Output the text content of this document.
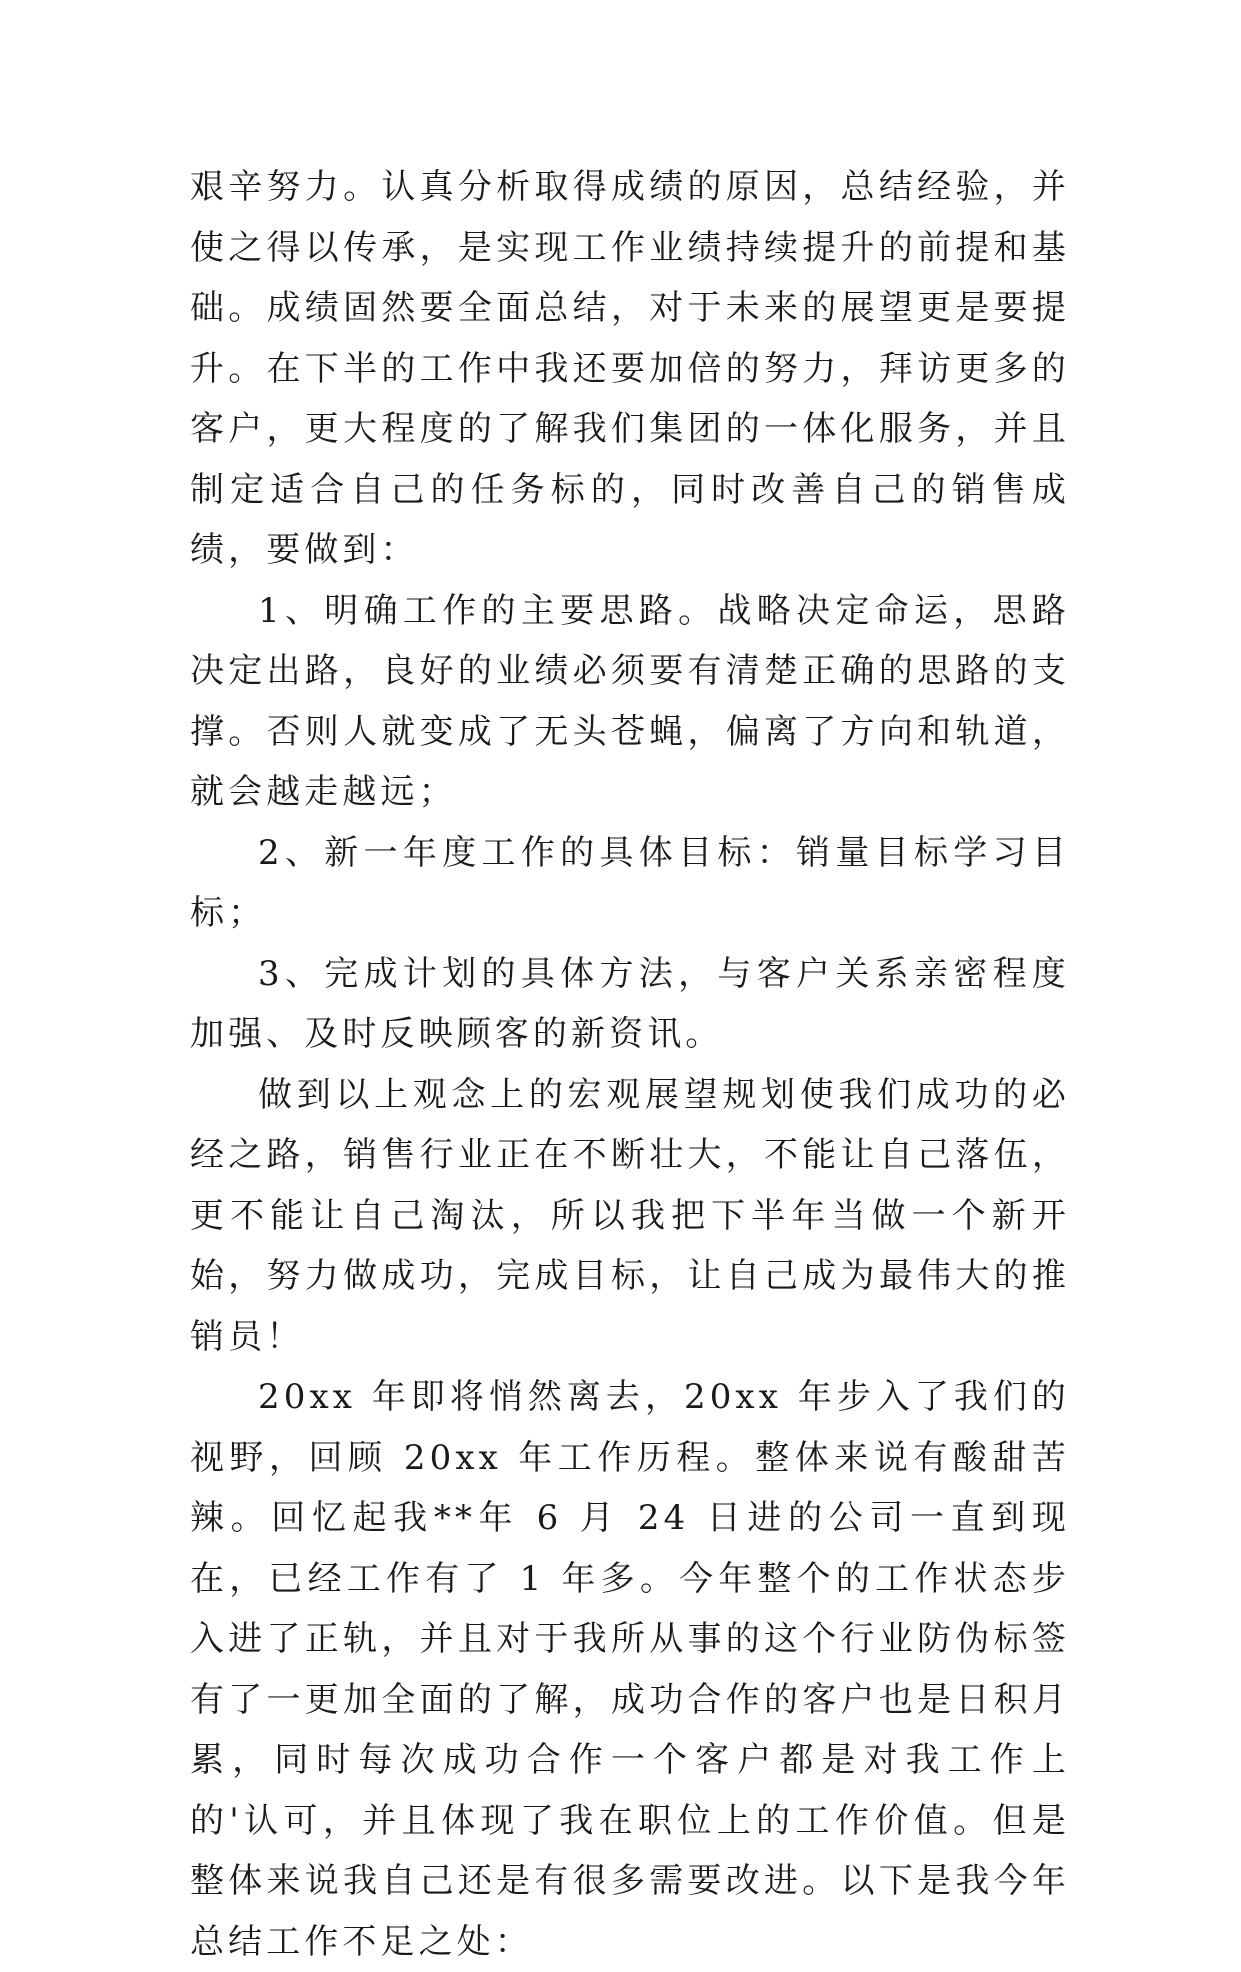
艰辛努力。认真分析取得成绩的原因，总结经验，并使之得以传承，是实现工作业绩持续提升的前提和基础。成绩固然要全面总结，对于未来的展望更是要提升。在下半的工作中我还要加倍的努力，拜访更多的客户，更大程度的了解我们集团的一体化服务，并且制定适合自己的任务标的，同时改善自己的销售成绩，要做到：

1、明确工作的主要思路。战略决定命运，思路决定出路，良好的业绩必须要有清楚正确的思路的支撑。否则人就变成了无头苍蝇，偏离了方向和轨道，就会越走越远；

2、新一年度工作的具体目标：销量目标学习目标；

3、完成计划的具体方法，与客户关系亲密程度加强、及时反映顾客的新资讯。

做到以上观念上的宏观展望规划使我们成功的必经之路，销售行业正在不断壮大，不能让自己落伍，更不能让自己淘汰，所以我把下半年当做一个新开始，努力做成功，完成目标，让自己成为最伟大的推销员！

20xx 年即将悄然离去，20xx 年步入了我们的视野，回顾 20xx 年工作历程。整体来说有酸甜苦辣。回忆起我**年 6 月 24 日进的公司一直到现在，已经工作有了 1 年多。今年整个的工作状态步入进了正轨，并且对于我所从事的这个行业防伪标签有了一更加全面的了解，成功合作的客户也是日积月累，同时每次成功合作一个客户都是对我工作上的'认可，并且体现了我在职位上的工作价值。但是整体来说我自己还是有很多需要改进。以下是我今年总结工作不足之处：
